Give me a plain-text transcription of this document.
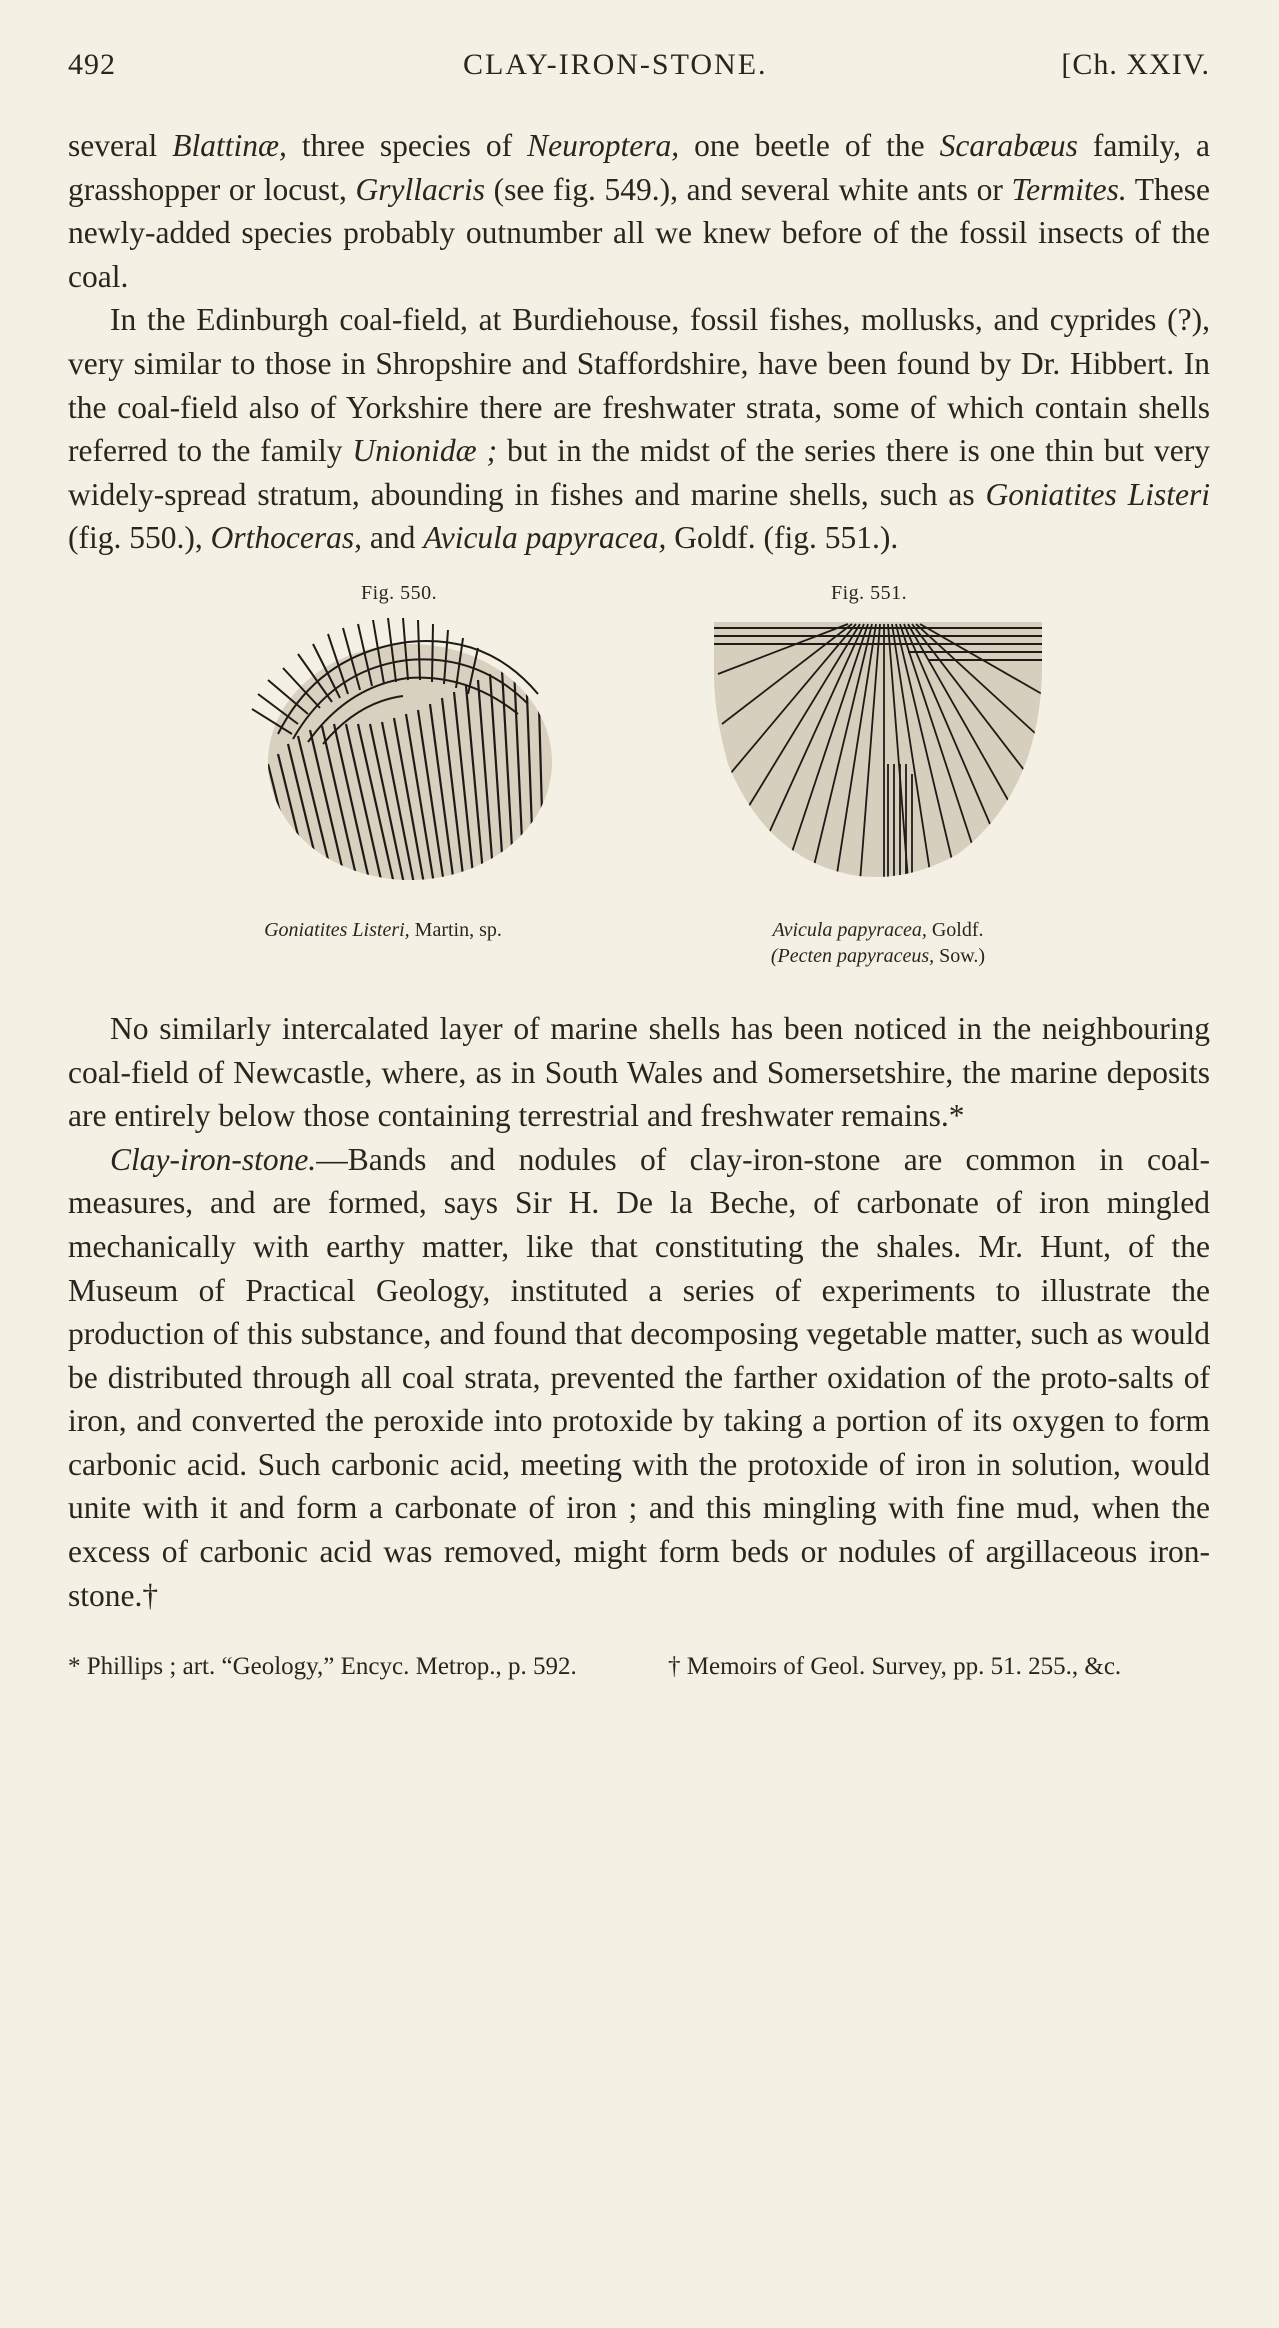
492	CLAY-IRON-STONE.	[Ch. XXIV.

several Blattinæ, three species of Neuroptera, one beetle of the Scarabæus family, a grasshopper or locust, Gryllacris (see fig. 549.), and several white ants or Termites. These newly-added species probably outnumber all we knew before of the fossil insects of the coal.

In the Edinburgh coal-field, at Burdiehouse, fossil fishes, mollusks, and cyprides (?), very similar to those in Shropshire and Staffordshire, have been found by Dr. Hibbert. In the coal-field also of Yorkshire there are freshwater strata, some of which contain shells referred to the family Unionidæ ; but in the midst of the series there is one thin but very widely-spread stratum, abounding in fishes and marine shells, such as Goniatites Listeri (fig. 550.), Orthoceras, and Avicula papyracea, Goldf. (fig. 551.).

Fig. 550.	Fig. 551.
Goniatites Listeri, Martin, sp.	Avicula papyracea, Goldf.
(Pecten papyraceus, Sow.)

No similarly intercalated layer of marine shells has been noticed in the neighbouring coal-field of Newcastle, where, as in South Wales and Somersetshire, the marine deposits are entirely below those containing terrestrial and freshwater remains.*

Clay-iron-stone.—Bands and nodules of clay-iron-stone are common in coal-measures, and are formed, says Sir H. De la Beche, of carbonate of iron mingled mechanically with earthy matter, like that constituting the shales. Mr. Hunt, of the Museum of Practical Geology, instituted a series of experiments to illustrate the production of this substance, and found that decomposing vegetable matter, such as would be distributed through all coal strata, prevented the farther oxidation of the proto-salts of iron, and converted the peroxide into protoxide by taking a portion of its oxygen to form carbonic acid. Such carbonic acid, meeting with the protoxide of iron in solution, would unite with it and form a carbonate of iron ; and this mingling with fine mud, when the excess of carbonic acid was removed, might form beds or nodules of argillaceous iron-stone.†

* Phillips ; art. “Geology,” Encyc. Metrop., p. 592.	† Memoirs of Geol. Survey, pp. 51. 255., &c.
